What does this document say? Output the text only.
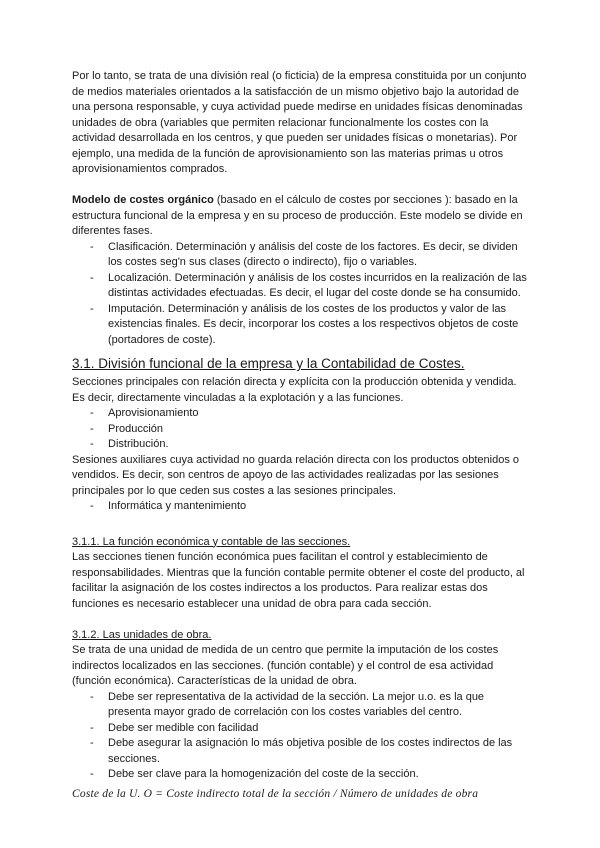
Por lo tanto, se trata de una división real (o ficticia) de la empresa constituida por un conjunto de medios materiales orientados a la satisfacción de un mismo objetivo bajo la autoridad de una persona responsable, y cuya actividad puede medirse en unidades físicas denominadas unidades de obra (variables que permiten relacionar funcionalmente los costes con la actividad desarrollada en los centros, y que pueden ser unidades físicas o monetarias). Por ejemplo, una medida de la función de aprovisionamiento son las materias primas u otros aprovisionamientos comprados.

Modelo de costes orgánico (basado en el cálculo de costes por secciones ): basado en la estructura funcional de la empresa y en su proceso de producción. Este modelo se divide en diferentes fases.

-	Clasificación. Determinación y análisis del coste de los factores. Es decir, se dividen los costes seg'n sus clases (directo o indirecto), fijo o variables.
-	Localización. Determinación y análisis de los costes incurridos en la realización de las distintas actividades efectuadas. Es decir, el lugar del coste donde se ha consumido.
-	Imputación. Determinación y análisis de los costes de los productos y valor de las existencias finales. Es decir, incorporar los costes a los respectivos objetos de coste (portadores de coste).
3.1. División funcional de la empresa y la Contabilidad de Costes.

Secciones principales con relación directa y explícita con la producción obtenida y vendida. Es decir, directamente vinculadas a la explotación y a las funciones.

-	Aprovisionamiento
-	Producción
-	Distribución.

Sesiones auxiliares cuya actividad no guarda relación directa con los productos obtenidos o vendidos. Es decir, son centros de apoyo de las actividades realizadas por las sesiones principales por lo que ceden sus costes a las sesiones principales.

-	Informática y mantenimiento
3.1.1. La función económica y contable de las secciones.

Las secciones tienen función económica pues facilitan el control y establecimiento de responsabilidades. Mientras que la función contable permite obtener el coste del producto, al facilitar la asignación de los costes indirectos a los productos. Para realizar estas dos funciones es necesario establecer una unidad de obra para cada sección.

3.1.2. Las unidades de obra.

Se trata de una unidad de medida de un centro que permite la imputación de los costes indirectos localizados en las secciones. (función contable) y el control de esa actividad (función económica). Características de la unidad de obra.

-	Debe ser representativa de la actividad de la sección. La mejor u.o. es la que presenta mayor grado de correlación con los costes variables del centro.
-	Debe ser medible con facilidad
-	Debe asegurar la asignación lo más objetiva posible de los costes indirectos de las secciones.
-	Debe ser clave para la homogenización del coste de la sección.

Coste de la U. O = Coste indirecto total de la sección / Número de unidades de obra
